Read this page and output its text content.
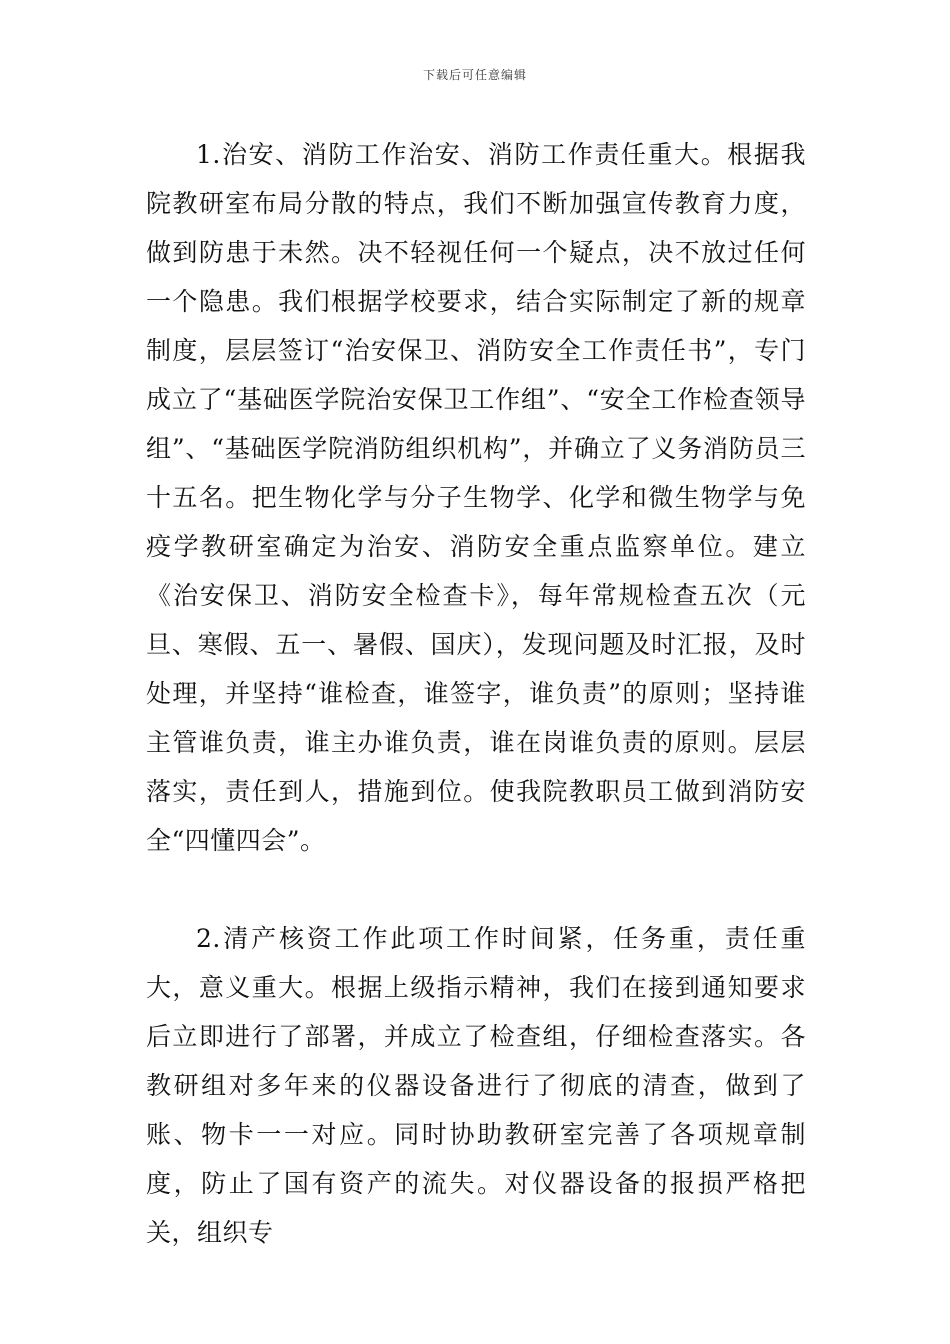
下载后可任意编辑

1.治安、消防工作治安、消防工作责任重大。根据我院教研室布局分散的特点，我们不断加强宣传教育力度，做到防患于未然。决不轻视任何一个疑点，决不放过任何一个隐患。我们根据学校要求，结合实际制定了新的规章制度，层层签订“治安保卫、消防安全工作责任书”，专门成立了“基础医学院治安保卫工作组”、“安全工作检查领导组”、“基础医学院消防组织机构”，并确立了义务消防员三十五名。把生物化学与分子生物学、化学和微生物学与免疫学教研室确定为治安、消防安全重点监察单位。建立《治安保卫、消防安全检查卡》，每年常规检查五次（元旦、寒假、五一、暑假、国庆），发现问题及时汇报，及时处理，并坚持“谁检查，谁签字，谁负责”的原则；坚持谁主管谁负责，谁主办谁负责，谁在岗谁负责的原则。层层落实，责任到人，措施到位。使我院教职员工做到消防安全“四懂四会”。

2.清产核资工作此项工作时间紧，任务重，责任重大，意义重大。根据上级指示精神，我们在接到通知要求后立即进行了部署，并成立了检查组，仔细检查落实。各教研组对多年来的仪器设备进行了彻底的清查，做到了账、物卡一一对应。同时协助教研室完善了各项规章制度，防止了国有资产的流失。对仪器设备的报损严格把关，组织专
